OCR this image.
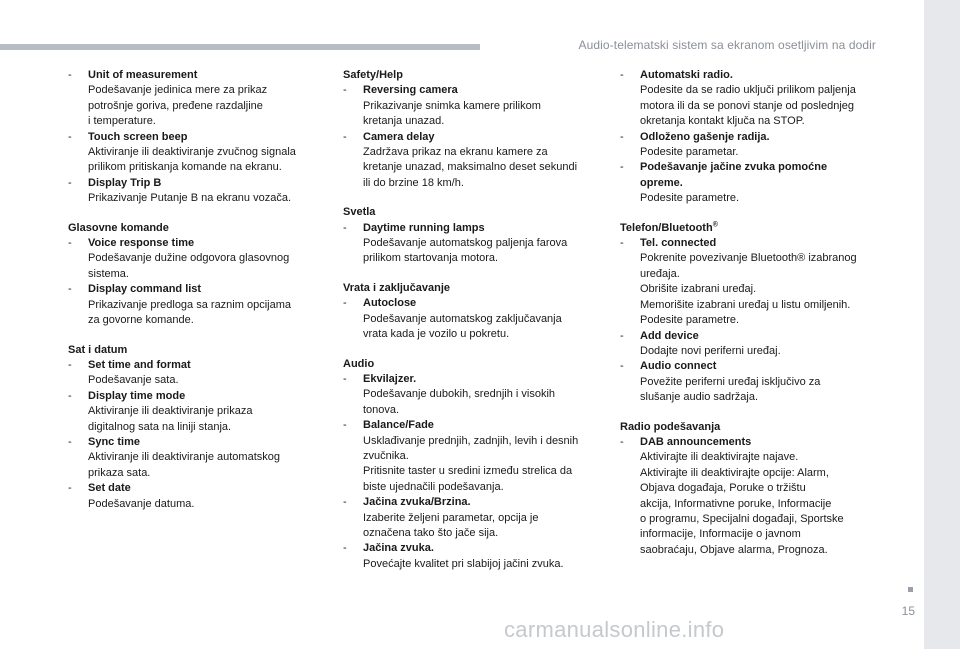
Audio-telematski sistem sa ekranom osetljivim na dodir
15
carmanualsonline.info
- Unit of measurement
Podešavanje jedinica mere za prikaz
potrošnje goriva, pređene razdaljine
i temperature.
- Touch screen beep
Aktiviranje ili deaktiviranje zvučnog signala
prilikom pritiskanja komande na ekranu.
- Display Trip B
Prikazivanje Putanje B na ekranu vozača.
Glasovne komande
- Voice response time
Podešavanje dužine odgovora glasovnog
sistema.
- Display command list
Prikazivanje predloga sa raznim opcijama
za govorne komande.
Sat i datum
- Set time and format
Podešavanje sata.
- Display time mode
Aktiviranje ili deaktiviranje prikaza
digitalnog sata na liniji stanja.
- Sync time
Aktiviranje ili deaktiviranje automatskog
prikaza sata.
- Set date
Podešavanje datuma.
Safety/Help
- Reversing camera
Prikazivanje snimka kamere prilikom
kretanja unazad.
- Camera delay
Zadržava prikaz na ekranu kamere za
kretanje unazad, maksimalno deset sekundi
ili do brzine 18 km/h.
Svetla
- Daytime running lamps
Podešavanje automatskog paljenja farova
prilikom startovanja motora.
Vrata i zaključavanje
- Autoclose
Podešavanje automatskog zaključavanja
vrata kada je vozilo u pokretu.
Audio
- Ekvilajzer.
Podešavanje dubokih, srednjih i visokih
tonova.
- Balance/Fade
Usklađivanje prednjih, zadnjih, levih i desnih
zvučnika.
Pritisnite taster u sredini između strelica da
biste ujednačili podešavanja.
- Jačina zvuka/Brzina.
Izaberite željeni parametar, opcija je
označena tako što jače sija.
- Jačina zvuka.
Povećajte kvalitet pri slabijoj jačini zvuka.
- Automatski radio.
Podesite da se radio uključi prilikom paljenja
motora ili da se ponovi stanje od poslednjeg
okretanja kontakt ključa na STOP.
- Odloženo gašenje radija.
Podesite parametar.
- Podešavanje jačine zvuka pomoćne
opreme.
Podesite parametre.
Telefon/Bluetooth®
- Tel. connected
Pokrenite povezivanje Bluetooth® izabranog
uređaja.
Obrišite izabrani uređaj.
Memorišite izabrani uređaj u listu omiljenih.
Podesite parametre.
- Add device
Dodajte novi periferni uređaj.
- Audio connect
Povežite periferni uređaj isključivo za
slušanje audio sadržaja.
Radio podešavanja
- DAB announcements
Aktivirajte ili deaktivirajte najave.
Aktivirajte ili deaktivirajte opcije: Alarm,
Objava događaja, Poruke o tržištu
akcija, Informativne poruke, Informacije
o programu, Specijalni događaji, Sportske
informacije, Informacije o javnom
saobraćaju, Objave alarma, Prognoza.
